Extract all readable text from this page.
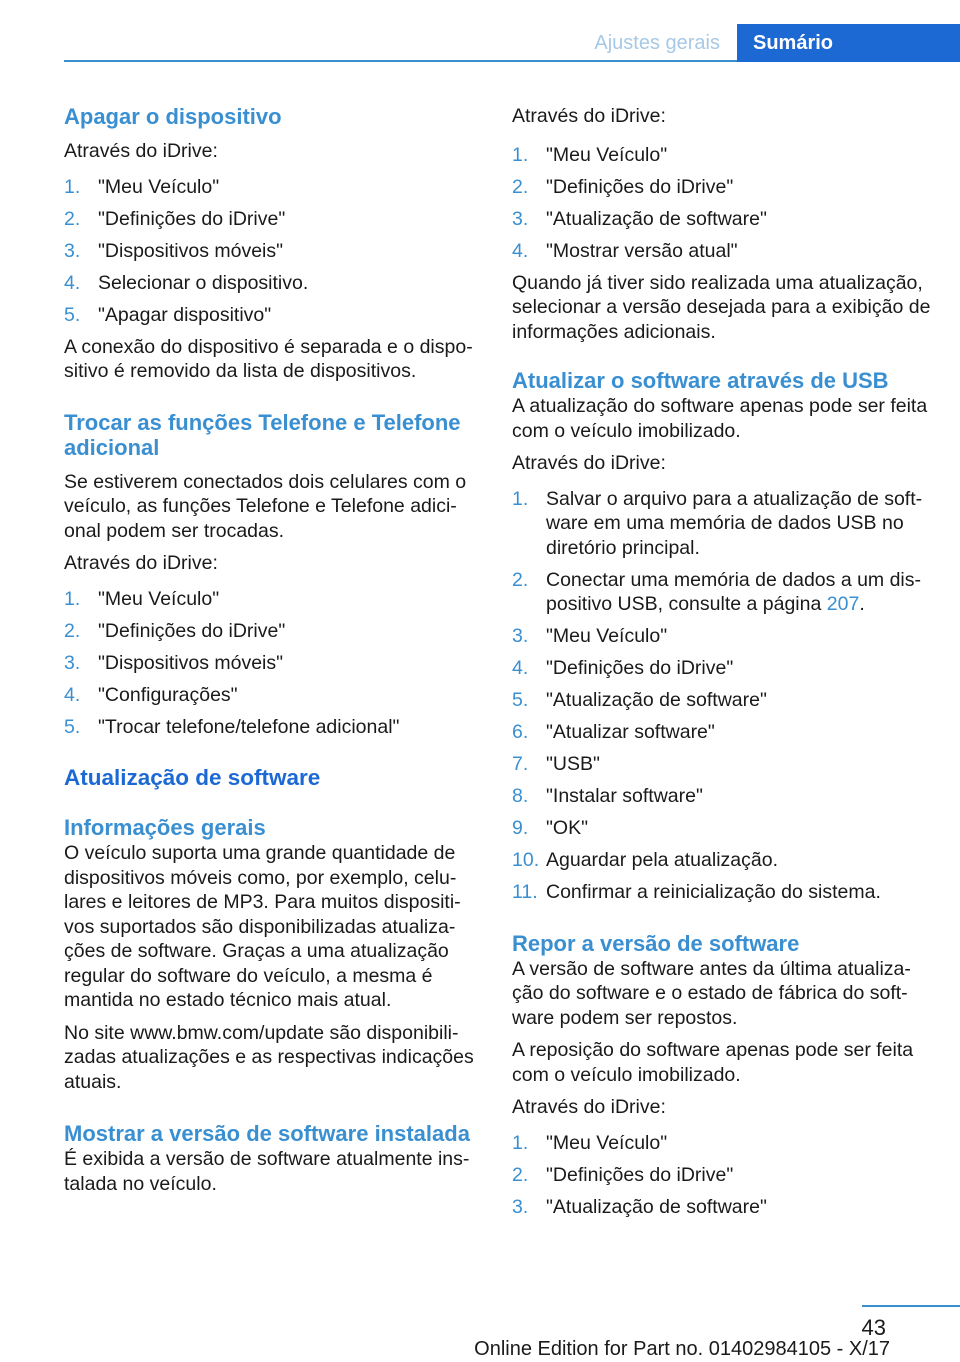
Ajustes gerais	Sumário
Apagar o dispositivo

Através do iDrive:

1. "Meu Veículo"
2. "Definições do iDrive"
3. "Dispositivos móveis"
4. Selecionar o dispositivo.
5. "Apagar dispositivo"

A conexão do dispositivo é separada e o dispo-sitivo é removido da lista de dispositivos.

Trocar as funções Telefone e Telefone adicional

Se estiverem conectados dois celulares com o veículo, as funções Telefone e Telefone adici-onal podem ser trocadas.

Através do iDrive:

1. "Meu Veículo"
2. "Definições do iDrive"
3. "Dispositivos móveis"
4. "Configurações"
5. "Trocar telefone/telefone adicional"
Atualização de software
Informações gerais

O veículo suporta uma grande quantidade de dispositivos móveis como, por exemplo, celu-lares e leitores de MP3. Para muitos dispositi-vos suportados são disponibilizadas atualiza-ções de software. Graças a uma atualização regular do software do veículo, a mesma é mantida no estado técnico mais atual.

No site www.bmw.com/update são disponibili-zadas atualizações e as respectivas indicações atuais.

Mostrar a versão de software instalada

É exibida a versão de software atualmente ins-talada no veículo.

Através do iDrive:

1. "Meu Veículo"
2. "Definições do iDrive"
3. "Atualização de software"
4. "Mostrar versão atual"

Quando já tiver sido realizada uma atualização, selecionar a versão desejada para a exibição de informações adicionais.

Atualizar o software através de USB

A atualização do software apenas pode ser feita com o veículo imobilizado.

Através do iDrive:

1. Salvar o arquivo para a atualização de soft-ware em uma memória de dados USB no diretório principal.
2. Conectar uma memória de dados a um dis-positivo USB, consulte a página 207.
3. "Meu Veículo"
4. "Definições do iDrive"
5. "Atualização de software"
6. "Atualizar software"
7. "USB"
8. "Instalar software"
9. "OK"
10. Aguardar pela atualização.
11. Confirmar a reinicialização do sistema.
Repor a versão de software

A versão de software antes da última atualiza-ção do software e o estado de fábrica do soft-ware podem ser repostos.

A reposição do software apenas pode ser feita com o veículo imobilizado.

Através do iDrive:

1. "Meu Veículo"
2. "Definições do iDrive"
3. "Atualização de software"
43
Online Edition for Part no. 01402984105 - X/17
